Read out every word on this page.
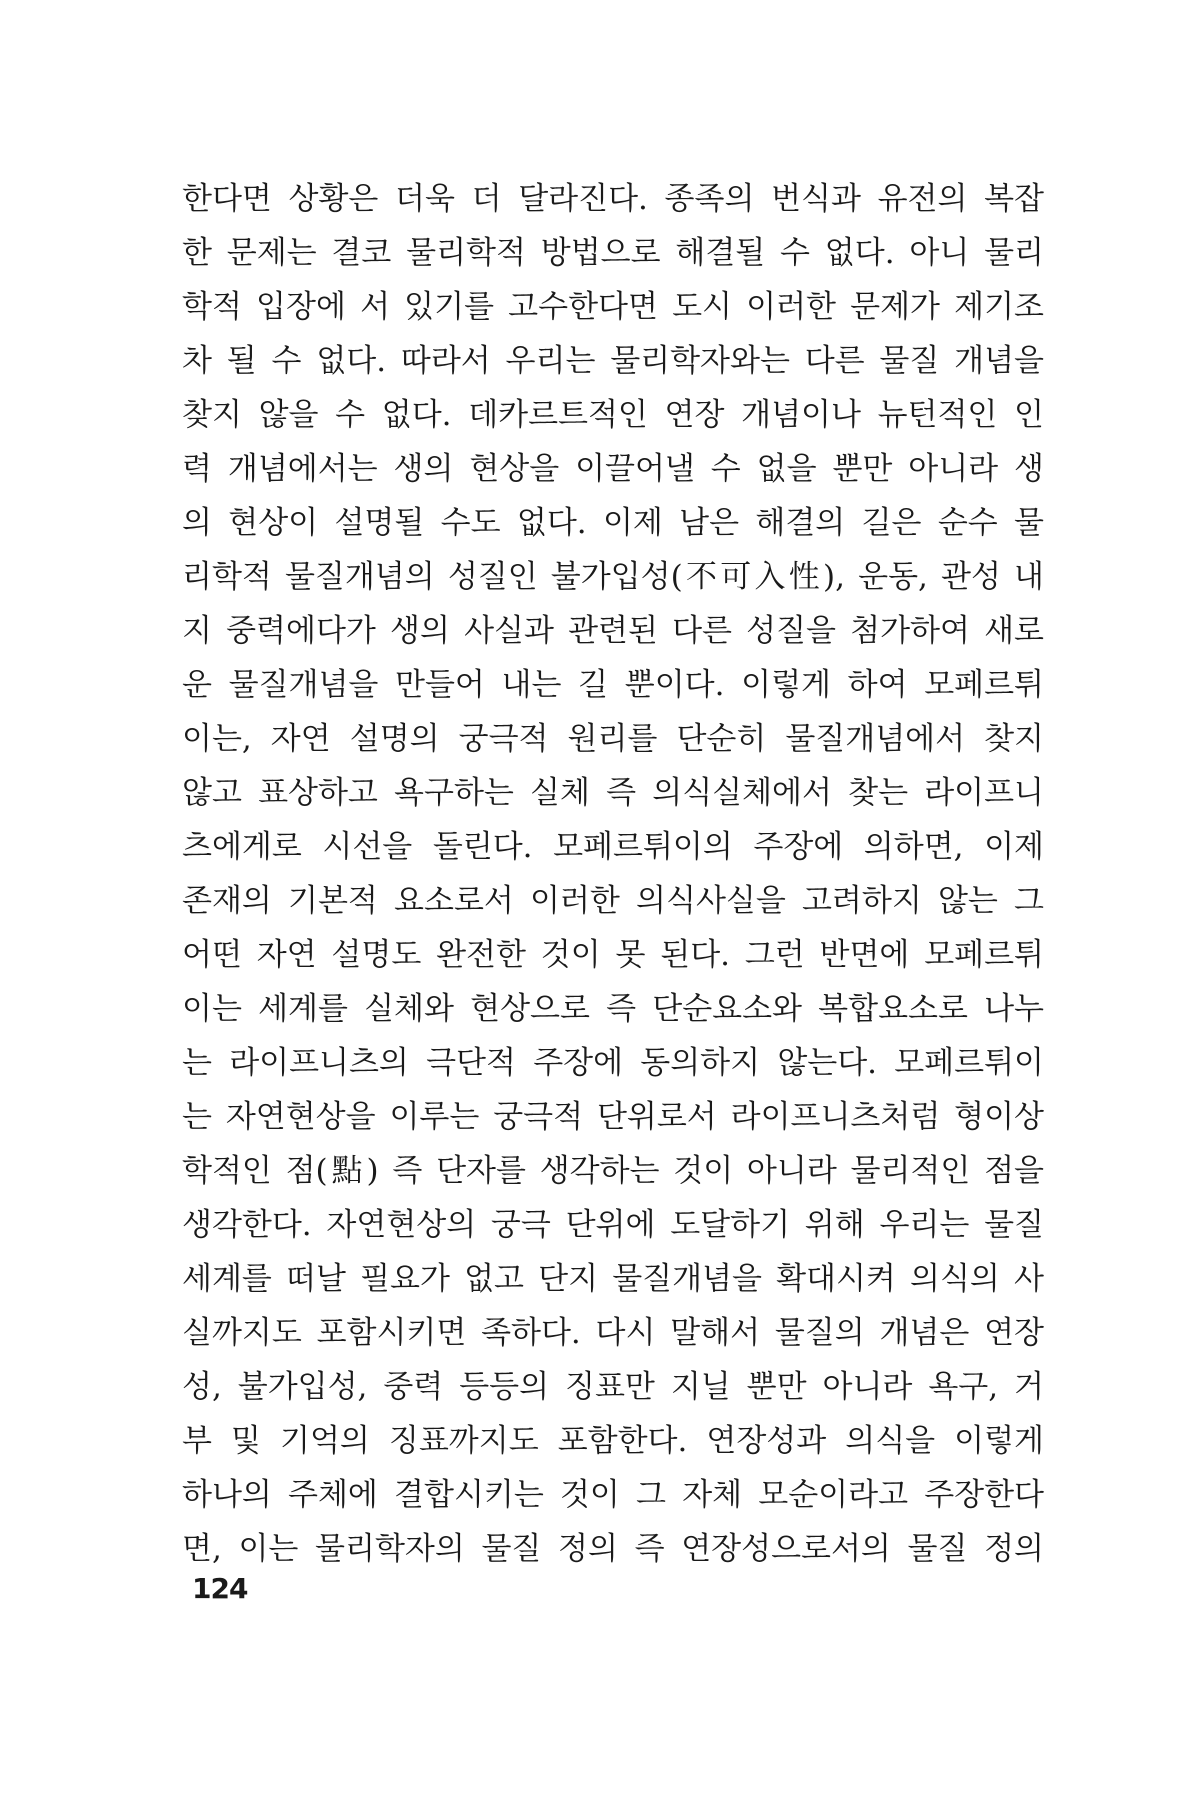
한다면 상황은 더욱 더 달라진다. 종족의 번식과 유전의 복잡
한 문제는 결코 물리학적 방법으로 해결될 수 없다. 아니 물리
학적 입장에 서 있기를 고수한다면 도시 이러한 문제가 제기조
차 될 수 없다. 따라서 우리는 물리학자와는 다른 물질 개념을
찾지 않을 수 없다. 데카르트적인 연장 개념이나 뉴턴적인 인
력 개념에서는 생의 현상을 이끌어낼 수 없을 뿐만 아니라 생
의 현상이 설명될 수도 없다. 이제 남은 해결의 길은 순수 물
리학적 물질개념의 성질인 불가입성(不可入性), 운동, 관성 내
지 중력에다가 생의 사실과 관련된 다른 성질을 첨가하여 새로
운 물질개념을 만들어 내는 길 뿐이다. 이렇게 하여 모페르튀
이는, 자연 설명의 궁극적 원리를 단순히 물질개념에서 찾지
않고 표상하고 욕구하는 실체 즉 의식실체에서 찾는 라이프니
츠에게로 시선을 돌린다. 모페르튀이의 주장에 의하면, 이제
존재의 기본적 요소로서 이러한 의식사실을 고려하지 않는 그
어떤 자연 설명도 완전한 것이 못 된다. 그런 반면에 모페르튀
이는 세계를 실체와 현상으로 즉 단순요소와 복합요소로 나누
는 라이프니츠의 극단적 주장에 동의하지 않는다. 모페르튀이
는 자연현상을 이루는 궁극적 단위로서 라이프니츠처럼 형이상
학적인 점(點) 즉 단자를 생각하는 것이 아니라 물리적인 점을
생각한다. 자연현상의 궁극 단위에 도달하기 위해 우리는 물질
세계를 떠날 필요가 없고 단지 물질개념을 확대시켜 의식의 사
실까지도 포함시키면 족하다. 다시 말해서 물질의 개념은 연장
성, 불가입성, 중력 등등의 징표만 지닐 뿐만 아니라 욕구, 거
부 및 기억의 징표까지도 포함한다. 연장성과 의식을 이렇게
하나의 주체에 결합시키는 것이 그 자체 모순이라고 주장한다
면, 이는 물리학자의 물질 정의 즉 연장성으로서의 물질 정의
124
